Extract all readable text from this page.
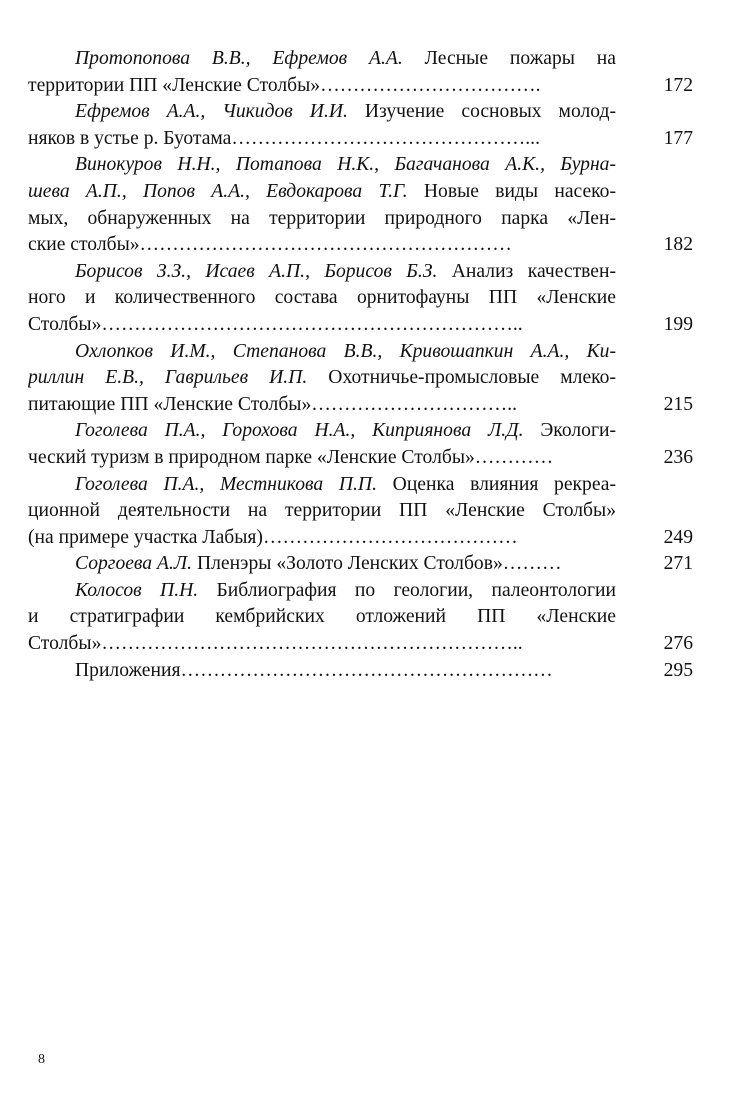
Протопопова В.В., Ефремов А.А. Лесные пожары на
территории ПП «Ленские Столбы»…………………………….	172
Ефремов А.А., Чикидов И.И. Изучение сосновых молод-
няков в устье р. Буотама………………………………………...	177
Винокуров Н.Н., Потапова Н.К., Багачанова А.К., Бурна-
шева А.П., Попов А.А., Евдокарова Т.Г. Новые виды насеко-
мых, обнаруженных на территории природного парка «Лен-
ские столбы»…………………………………………………	182
Борисов З.З., Исаев А.П., Борисов Б.З. Анализ качествен-
ного и количественного состава орнитофауны ПП «Ленские
Столбы»………………………………………………………..	199
Охлопков И.М., Степанова В.В., Кривошапкин А.А., Ки-
риллин Е.В., Гаврильев И.П. Охотничье-промысловые млеко-
питающие ПП «Ленские Столбы»…………………………..	215
Гоголева П.А., Горохова Н.А., Киприянова Л.Д. Экологи-
ческий туризм в природном парке «Ленские Столбы»…………	236
Гоголева П.А., Местникова П.П. Оценка влияния рекреа-
ционной деятельности на территории ПП «Ленские Столбы»
(на примере участка Лабыя)…………………………………	249
Соргоева А.Л. Пленэры «Золото Ленских Столбов»………	271
Колосов П.Н. Библиография по геологии, палеонтологии
и стратиграфии кембрийских отложений ПП «Ленские
Столбы»………………………………………………………..	276
Приложения…………………………………………………	295
8
